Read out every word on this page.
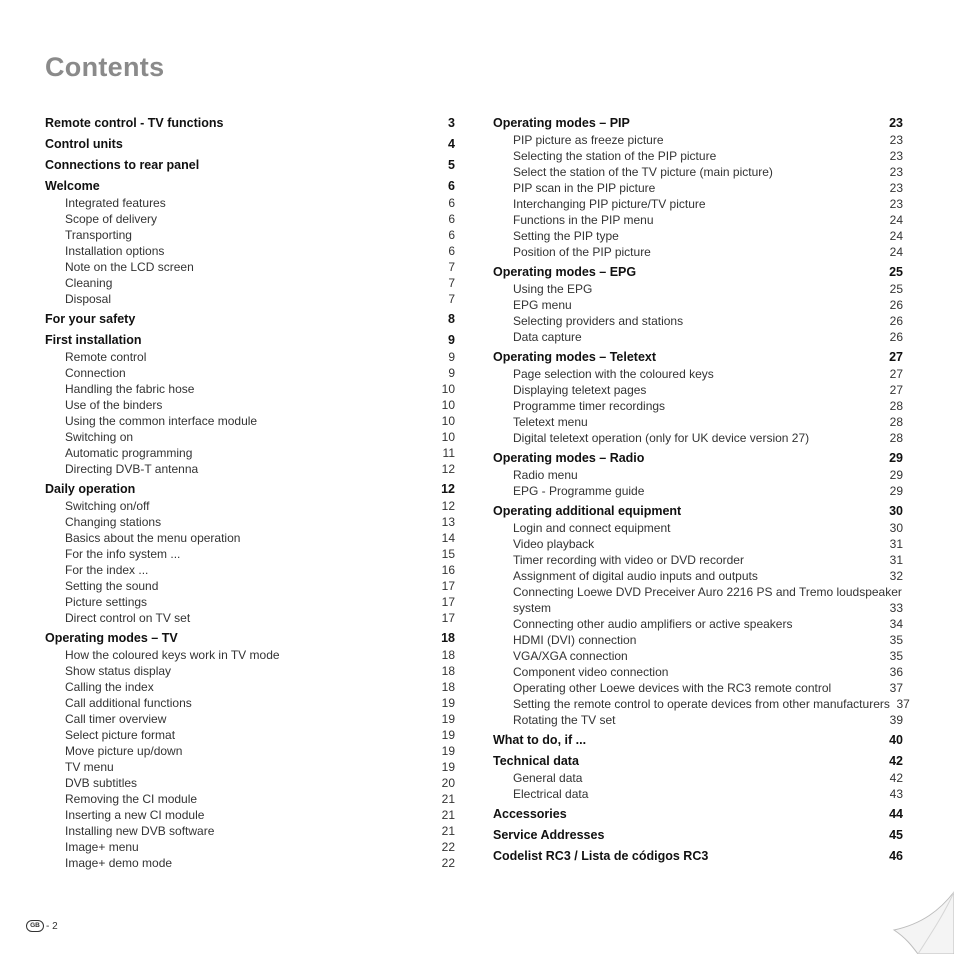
Contents
Remote control - TV functions	3
Control units	4
Connections to rear panel	5
Welcome	6
Integrated features	6
Scope of delivery	6
Transporting	6
Installation options	6
Note on the LCD screen	7
Cleaning	7
Disposal	7
For your safety	8
First installation	9
Remote control	9
Connection	9
Handling the fabric hose	10
Use of the binders	10
Using the common interface module	10
Switching on	10
Automatic programming	11
Directing DVB-T antenna	12
Daily operation	12
Switching on/off	12
Changing stations	13
Basics about the menu operation	14
For the info system ...	15
For the index ...	16
Setting the sound	17
Picture settings	17
Direct control on TV set	17
Operating modes – TV	18
How the coloured keys work in TV mode	18
Show status display	18
Calling the index	18
Call additional functions	19
Call timer overview	19
Select picture format	19
Move picture up/down	19
TV menu	19
DVB subtitles	20
Removing the CI module	21
Inserting a new CI module	21
Installing new DVB software	21
Image+ menu	22
Image+ demo mode	22
Operating modes – PIP	23
PIP picture as freeze picture	23
Selecting the station of the PIP picture	23
Select the station of the TV picture (main picture)	23
PIP scan in the PIP picture	23
Interchanging PIP picture/TV picture	23
Functions in the PIP menu	24
Setting the PIP type	24
Position of the PIP picture	24
Operating modes – EPG	25
Using the EPG	25
EPG menu	26
Selecting providers and stations	26
Data capture	26
Operating modes – Teletext	27
Page selection with the coloured keys	27
Displaying teletext pages	27
Programme timer recordings	28
Teletext menu	28
Digital teletext operation (only for UK device version 27)	28
Operating modes – Radio	29
Radio menu	29
EPG - Programme guide	29
Operating additional equipment	30
Login and connect equipment	30
Video playback	31
Timer recording with video or DVD recorder	31
Assignment of digital audio inputs and outputs	32
Connecting Loewe DVD Preceiver Auro 2216 PS and Tremo loudspeaker system	33
Connecting other audio amplifiers or active speakers	34
HDMI (DVI) connection	35
VGA/XGA connection	35
Component video connection	36
Operating other Loewe devices with the RC3 remote control	37
Setting the remote control to operate devices from other manufacturers 37
Rotating the TV set	39
What to do, if ...	40
Technical data	42
General data	42
Electrical data	43
Accessories	44
Service Addresses	45
Codelist RC3 / Lista de códigos RC3	46
GB - 2
